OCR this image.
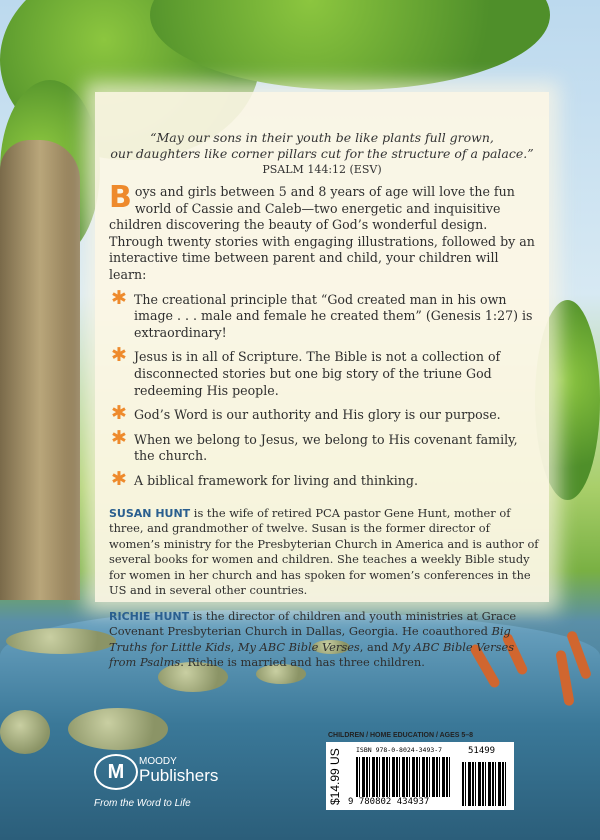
“May our sons in their youth be like plants full grown,
our daughters like corner pillars cut for the structure of a palace.”
PSALM 144:12 (ESV)
Boys and girls between 5 and 8 years of age will love the fun world of Cassie and Caleb—two energetic and inquisitive children discovering the beauty of God’s wonderful design. Through twenty stories with engaging illustrations, followed by an interactive time between parent and child, your children will learn:
✱ The creational principle that “God created man in his own image . . . male and female he created them” (Genesis 1:27) is extraordinary!
✱ Jesus is in all of Scripture. The Bible is not a collection of disconnected stories but one big story of the triune God redeeming His people.
✱ God’s Word is our authority and His glory is our purpose.
✱ When we belong to Jesus, we belong to His covenant family, the church.
✱ A biblical framework for living and thinking.
SUSAN HUNT is the wife of retired PCA pastor Gene Hunt, mother of three, and grandmother of twelve. Susan is the former director of women’s ministry for the Presbyterian Church in America and is author of several books for women and children. She teaches a weekly Bible study for women in her church and has spoken for women’s conferences in the US and in several other countries.
RICHIE HUNT is the director of children and youth ministries at Grace Covenant Presbyterian Church in Dallas, Georgia. He coauthored Big Truths for Little Kids, My ABC Bible Verses, and My ABC Bible Verses from Psalms. Richie is married and has three children.
M	MOODY
Publishers
From the Word to Life
CHILDREN / HOME EDUCATION / AGES 5–8
$14.99 US	ISBN 978-0-8024-3493-7
9 780802 434937
51499
